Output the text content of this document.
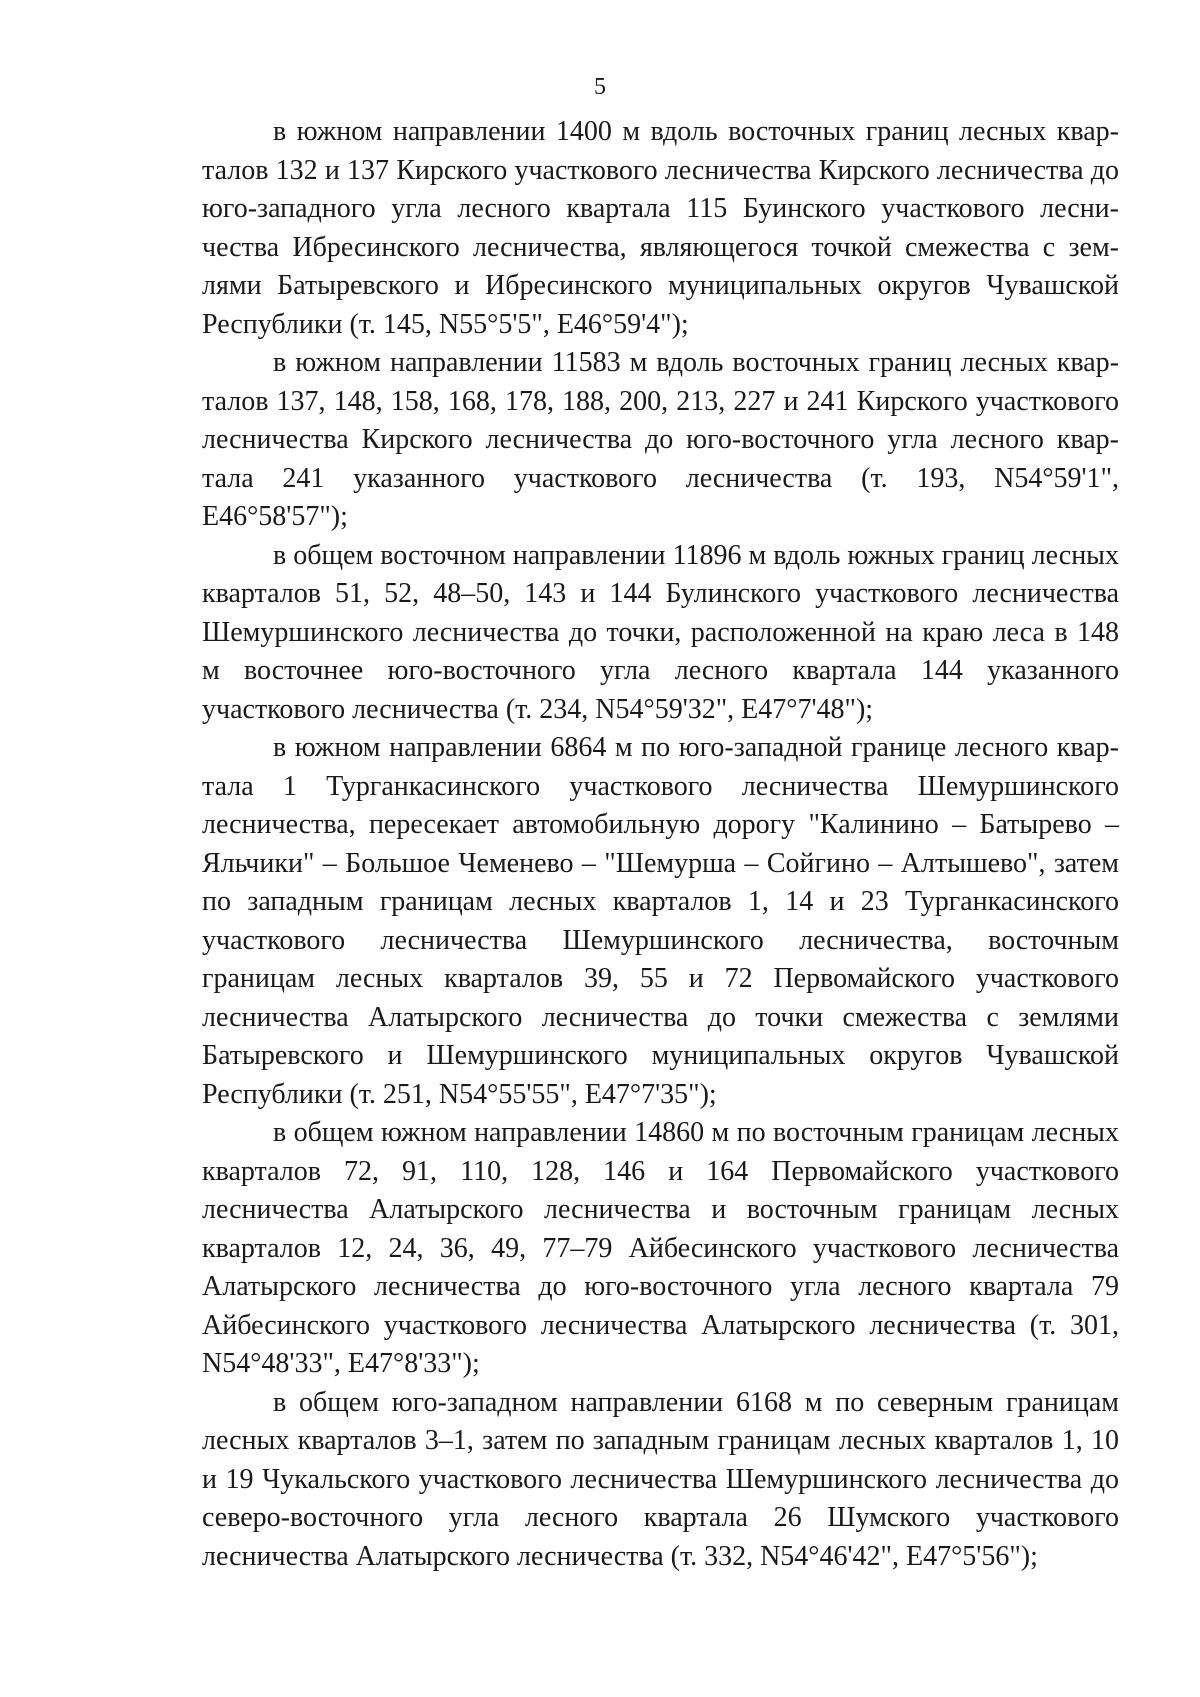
5

в южном направлении 1400 м вдоль восточных границ лесных кварталов 132 и 137 Кирского участкового лесничества Кирского лесничества до юго-западного угла лесного квартала 115 Буинского участкового лесничества Ибресинского лесничества, являющегося точкой смежества с землями Батыревского и Ибресинского муниципальных округов Чувашской Республики (т. 145, N55°5'5", E46°59'4");

в южном направлении 11583 м вдоль восточных границ лесных кварталов 137, 148, 158, 168, 178, 188, 200, 213, 227 и 241 Кирского участкового лесничества Кирского лесничества до юго-восточного угла лесного квартала 241 указанного участкового лесничества (т. 193, N54°59'1", E46°58'57");

в общем восточном направлении 11896 м вдоль южных границ лесных кварталов 51, 52, 48–50, 143 и 144 Булинского участкового лесничества Шемуршинского лесничества до точки, расположенной на краю леса в 148 м восточнее юго-восточного угла лесного квартала 144 указанного участкового лесничества (т. 234, N54°59'32", E47°7'48");

в южном направлении 6864 м по юго-западной границе лесного квартала 1 Турганкасинского участкового лесничества Шемуршинского лесничества, пересекает автомобильную дорогу "Калинино – Батырево – Яльчики" – Большое Чеменево – "Шемурша – Сойгино – Алтышево", затем по западным границам лесных кварталов 1, 14 и 23 Турганкасинского участкового лесничества Шемуршинского лесничества, восточным границам лесных кварталов 39, 55 и 72 Первомайского участкового лесничества Алатырского лесничества до точки смежества с землями Батыревского и Шемуршинского муниципальных округов Чувашской Республики (т. 251, N54°55'55", E47°7'35");

в общем южном направлении 14860 м по восточным границам лесных кварталов 72, 91, 110, 128, 146 и 164 Первомайского участкового лесничества Алатырского лесничества и восточным границам лесных кварталов 12, 24, 36, 49, 77–79 Айбесинского участкового лесничества Алатырского лесничества до юго-восточного угла лесного квартала 79 Айбесинского участкового лесничества Алатырского лесничества (т. 301, N54°48'33", E47°8'33");

в общем юго-западном направлении 6168 м по северным границам лесных кварталов 3–1, затем по западным границам лесных кварталов 1, 10 и 19 Чукальского участкового лесничества Шемуршинского лесничества до северо-восточного угла лесного квартала 26 Шумского участкового лесничества Алатырского лесничества (т. 332, N54°46'42", E47°5'56");
